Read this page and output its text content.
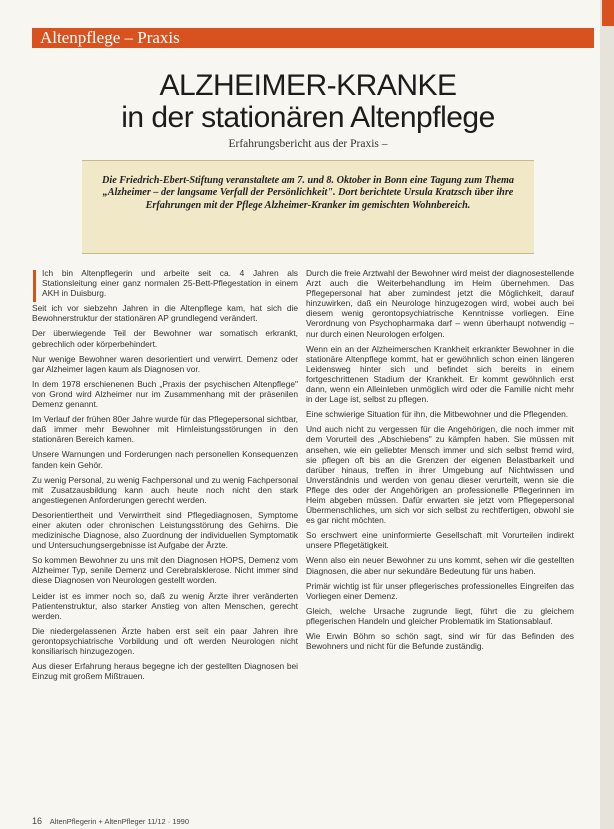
Altenpflege – Praxis
ALZHEIMER-KRANKE
in der stationären Altenpflege
Erfahrungsbericht aus der Praxis –
Die Friedrich-Ebert-Stiftung veranstaltete am 7. und 8. Oktober in Bonn eine Tagung zum Thema „Alzheimer – der langsame Verfall der Persönlichkeit". Dort berichtete Ursula Kratzsch über ihre Erfahrungen mit der Pflege Alzheimer-Kranker im gemischten Wohnbereich.

Ich bin Altenpflegerin und arbeite seit ca. 4 Jahren als Stationsleitung einer ganz normalen 25-Bett-Pflegestation in einem AKH in Duisburg.

Seit ich vor siebzehn Jahren in die Altenpflege kam, hat sich die Bewohnerstruktur der stationären AP grundlegend verändert.

Der überwiegende Teil der Bewohner war somatisch erkrankt, gebrechlich oder körperbehindert.

Nur wenige Bewohner waren desorientiert und verwirrt. Demenz oder gar Alzheimer lagen kaum als Diagnosen vor.

In dem 1978 erschienenen Buch „Praxis der psychischen Altenpflege" von Grond wird Alzheimer nur im Zusammenhang mit der präsenilen Demenz genannt.

Im Verlauf der frühen 80er Jahre wurde für das Pflegepersonal sichtbar, daß immer mehr Bewohner mit Hirnleistungsstörungen in den stationären Bereich kamen.

Unsere Warnungen und Forderungen nach personellen Konsequenzen fanden kein Gehör.

Zu wenig Personal, zu wenig Fachpersonal und zu wenig Fachpersonal mit Zusatzausbildung kann auch heute noch nicht den stark angestiegenen Anforderungen gerecht werden.

Desorientiertheit und Verwirrtheit sind Pflegediagnosen, Symptome einer akuten oder chronischen Leistungsstörung des Gehirns. Die medizinische Diagnose, also Zuordnung der individuellen Symptomatik und Untersuchungsergebnisse ist Aufgabe der Ärzte.

So kommen Bewohner zu uns mit den Diagnosen HOPS, Demenz vom Alzheimer Typ, senile Demenz und Cerebralsklerose. Nicht immer sind diese Diagnosen von Neurologen gestellt worden.

Leider ist es immer noch so, daß zu wenig Ärzte ihrer veränderten Patientenstruktur, also starker Anstieg von alten Menschen, gerecht werden.

Die niedergelassenen Ärzte haben erst seit ein paar Jahren ihre gerontopsychiatrische Vorbildung und oft werden Neurologen nicht konsiliarisch hinzugezogen.

Aus dieser Erfahrung heraus begegne ich der gestellten Diagnosen bei Einzug mit großem Mißtrauen.

Durch die freie Arztwahl der Bewohner wird meist der diagnosestellende Arzt auch die Weiterbehandlung im Heim übernehmen. Das Pflegepersonal hat aber zumindest jetzt die Möglichkeit, darauf hinzuwirken, daß ein Neurologe hinzugezogen wird, wobei auch bei diesem wenig gerontopsychiatrische Kenntnisse vorliegen. Eine Verordnung von Psychopharmaka darf – wenn überhaupt notwendig – nur durch einen Neurologen erfolgen.

Wenn ein an der Alzheimerschen Krankheit erkrankter Bewohner in die stationäre Altenpflege kommt, hat er gewöhnlich schon einen längeren Leidensweg hinter sich und befindet sich bereits in einem fortgeschrittenen Stadium der Krankheit. Er kommt gewöhnlich erst dann, wenn ein Alleinleben unmöglich wird oder die Familie nicht mehr in der Lage ist, selbst zu pflegen.

Eine schwierige Situation für ihn, die Mitbewohner und die Pflegenden.

Und auch nicht zu vergessen für die Angehörigen, die noch immer mit dem Vorurteil des „Abschiebens" zu kämpfen haben. Sie müssen mit ansehen, wie ein geliebter Mensch immer und sich selbst fremd wird, sie pflegen oft bis an die Grenzen der eigenen Belastbarkeit und darüber hinaus, treffen in ihrer Umgebung auf Nichtwissen und Unverständnis und werden von genau dieser verurteilt, wenn sie die Pflege des oder der Angehörigen an professionelle Pflegerinnen im Heim abgeben müssen. Dafür erwarten sie jetzt vom Pflegepersonal Übermenschliches, um sich vor sich selbst zu rechtfertigen, obwohl sie es gar nicht möchten.

So erschwert eine uninformierte Gesellschaft mit Vorurteilen indirekt unsere Pflegetätigkeit.

Wenn also ein neuer Bewohner zu uns kommt, sehen wir die gestellten Diagnosen, die aber nur sekundäre Bedeutung für uns haben.

Primär wichtig ist für unser pflegerisches professionelles Eingreifen das Vorliegen einer Demenz.

Gleich, welche Ursache zugrunde liegt, führt die zu gleichem pflegerischen Handeln und gleicher Problematik im Stationsablauf.

Wie Erwin Böhm so schön sagt, sind wir für das Befinden des Bewohners und nicht für die Befunde zuständig.

16 AltenPflegerin + AltenPfleger 11/12 · 1990
